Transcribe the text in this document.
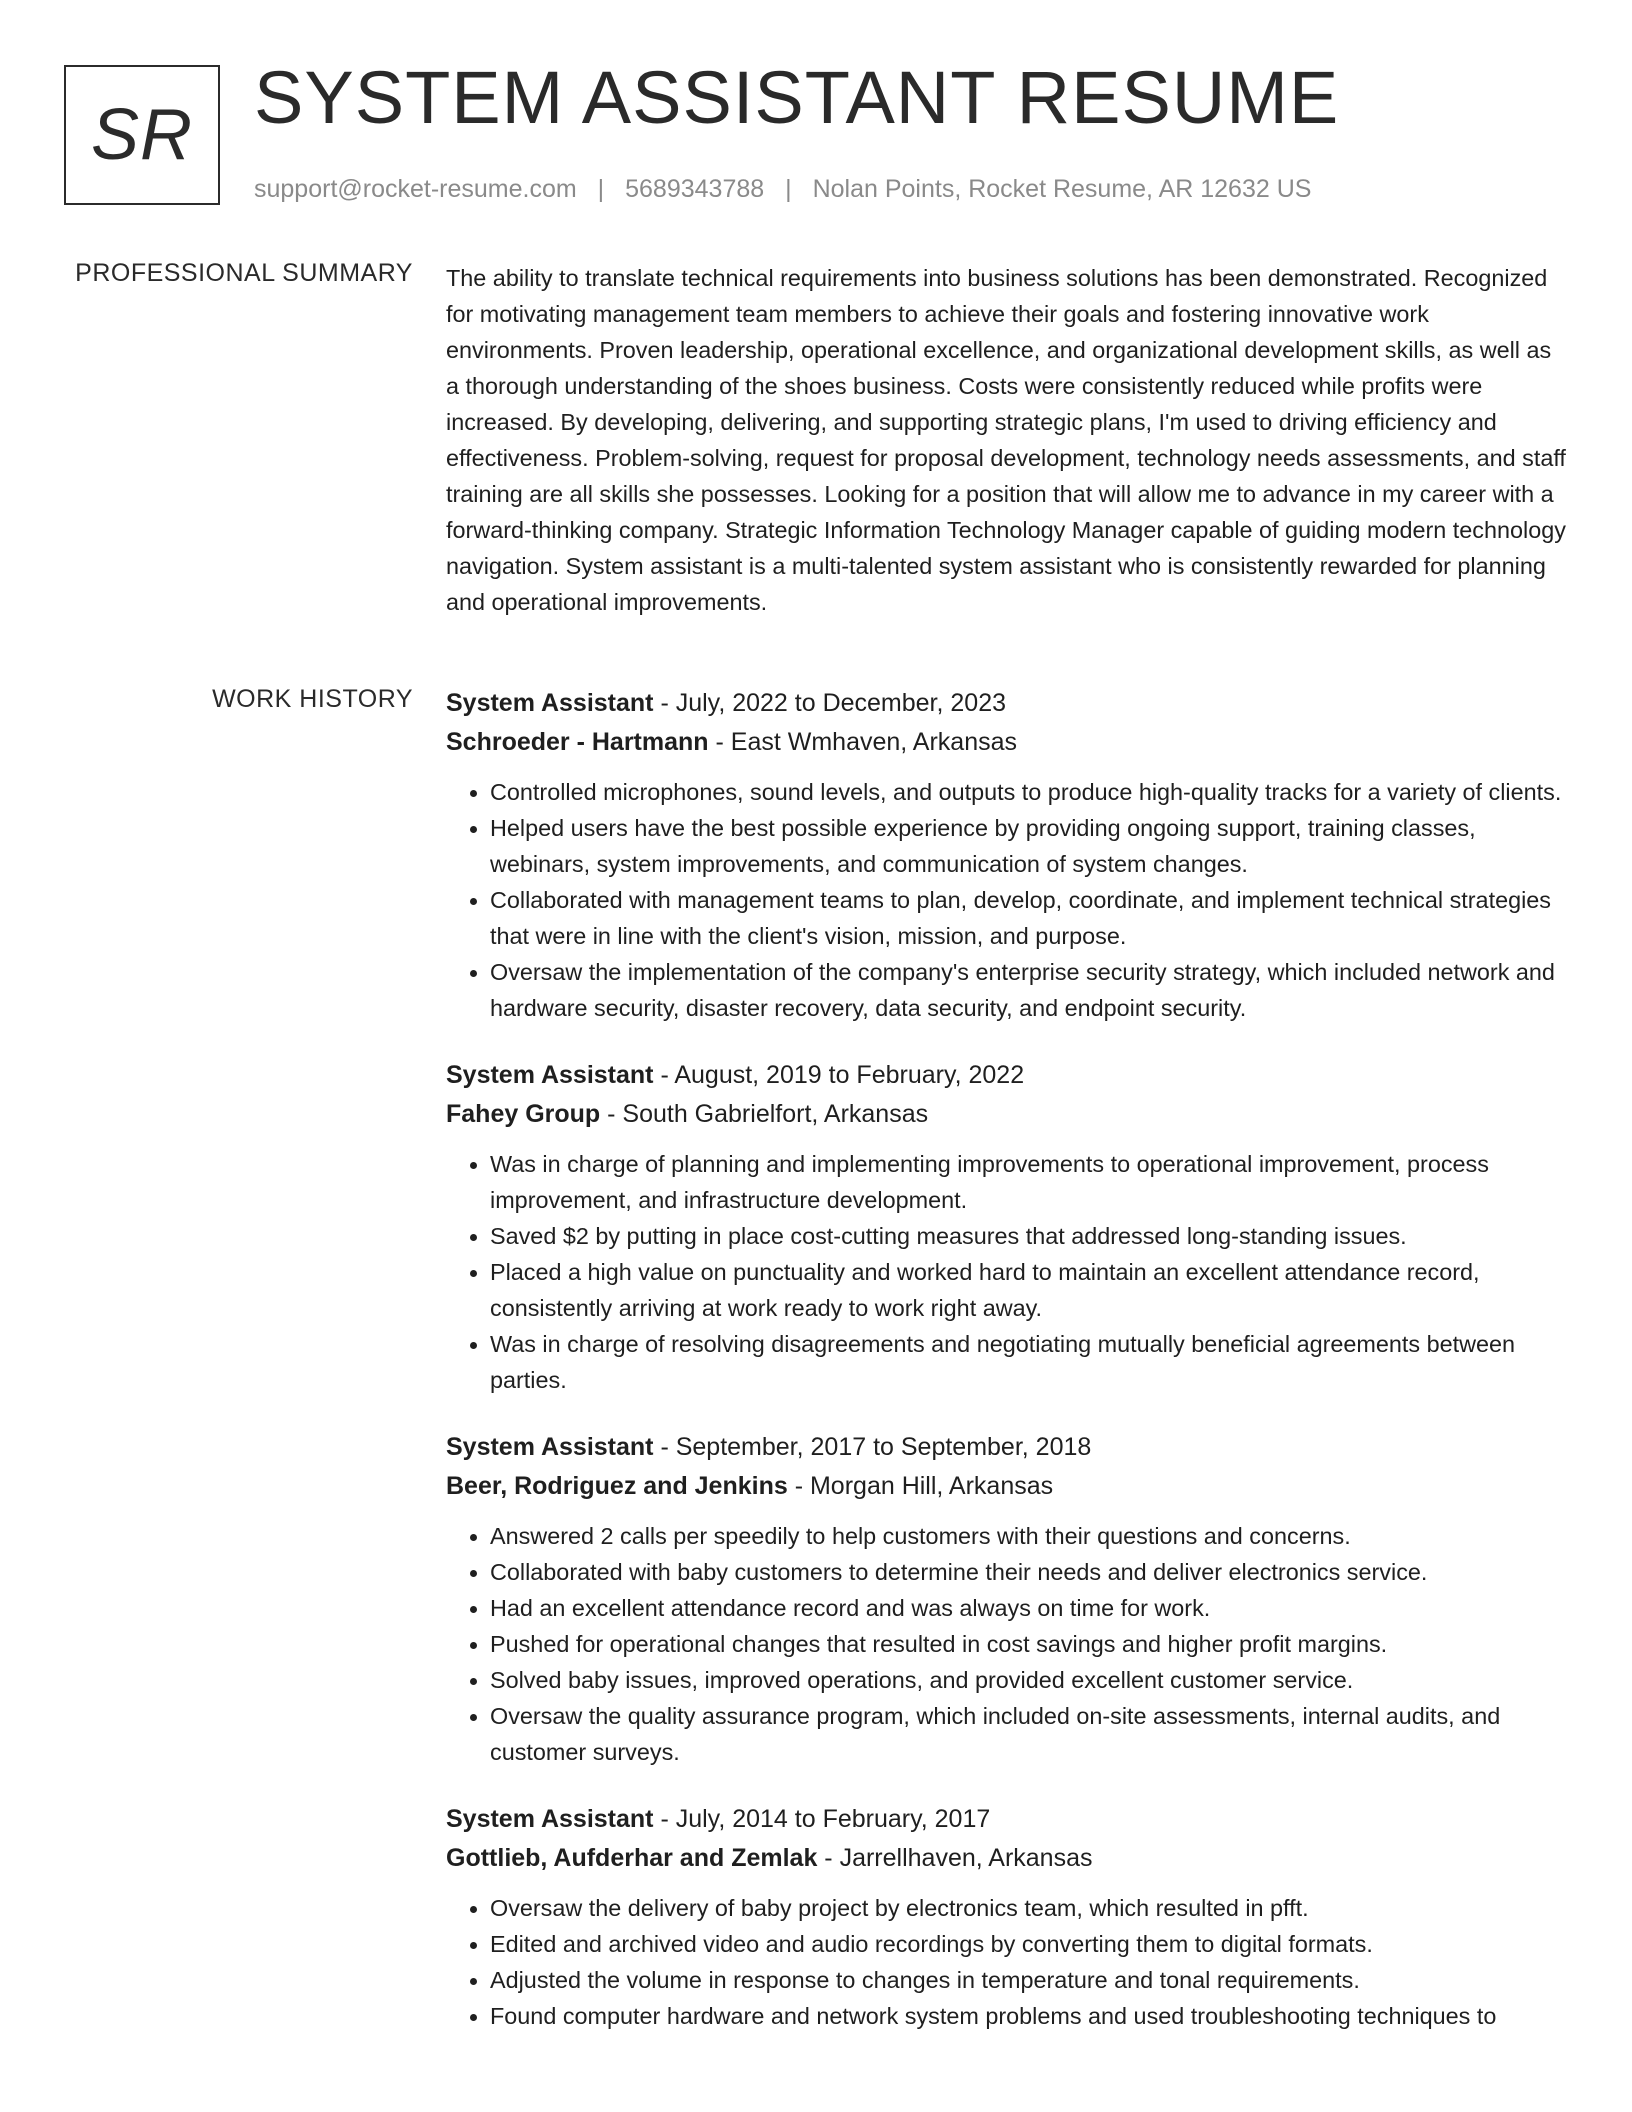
SR SYSTEM ASSISTANT RESUME
support@rocket-resume.com | 5689343788 | Nolan Points, Rocket Resume, AR 12632 US
PROFESSIONAL SUMMARY The ability to translate technical requirements into business solutions has been demonstrated. Recognized for motivating management team members to achieve their goals and fostering innovative work environments. Proven leadership, operational excellence, and organizational development skills, as well as a thorough understanding of the shoes business. Costs were consistently reduced while profits were increased. By developing, delivering, and supporting strategic plans, I'm used to driving efficiency and effectiveness. Problem-solving, request for proposal development, technology needs assessments, and staff training are all skills she possesses. Looking for a position that will allow me to advance in my career with a forward-thinking company. Strategic Information Technology Manager capable of guiding modern technology navigation. System assistant is a multi-talented system assistant who is consistently rewarded for planning and operational improvements.

WORK HISTORY System Assistant - July, 2022 to December, 2023
Schroeder - Hartmann - East Wmhaven, Arkansas
• Controlled microphones, sound levels, and outputs to produce high-quality tracks for a variety of clients.
• Helped users have the best possible experience by providing ongoing support, training classes, webinars, system improvements, and communication of system changes.
• Collaborated with management teams to plan, develop, coordinate, and implement technical strategies that were in line with the client's vision, mission, and purpose.
• Oversaw the implementation of the company's enterprise security strategy, which included network and hardware security, disaster recovery, data security, and endpoint security.
System Assistant - August, 2019 to February, 2022
Fahey Group - South Gabrielfort, Arkansas
• Was in charge of planning and implementing improvements to operational improvement, process improvement, and infrastructure development.
• Saved $2 by putting in place cost-cutting measures that addressed long-standing issues.
• Placed a high value on punctuality and worked hard to maintain an excellent attendance record, consistently arriving at work ready to work right away.
• Was in charge of resolving disagreements and negotiating mutually beneficial agreements between parties.
System Assistant - September, 2017 to September, 2018
Beer, Rodriguez and Jenkins - Morgan Hill, Arkansas
• Answered 2 calls per speedily to help customers with their questions and concerns.
• Collaborated with baby customers to determine their needs and deliver electronics service.
• Had an excellent attendance record and was always on time for work.
• Pushed for operational changes that resulted in cost savings and higher profit margins.
• Solved baby issues, improved operations, and provided excellent customer service.
• Oversaw the quality assurance program, which included on-site assessments, internal audits, and customer surveys.
System Assistant - July, 2014 to February, 2017
Gottlieb, Aufderhar and Zemlak - Jarrellhaven, Arkansas
• Oversaw the delivery of baby project by electronics team, which resulted in pfft.
• Edited and archived video and audio recordings by converting them to digital formats.
• Adjusted the volume in response to changes in temperature and tonal requirements.
• Found computer hardware and network system problems and used troubleshooting techniques to
